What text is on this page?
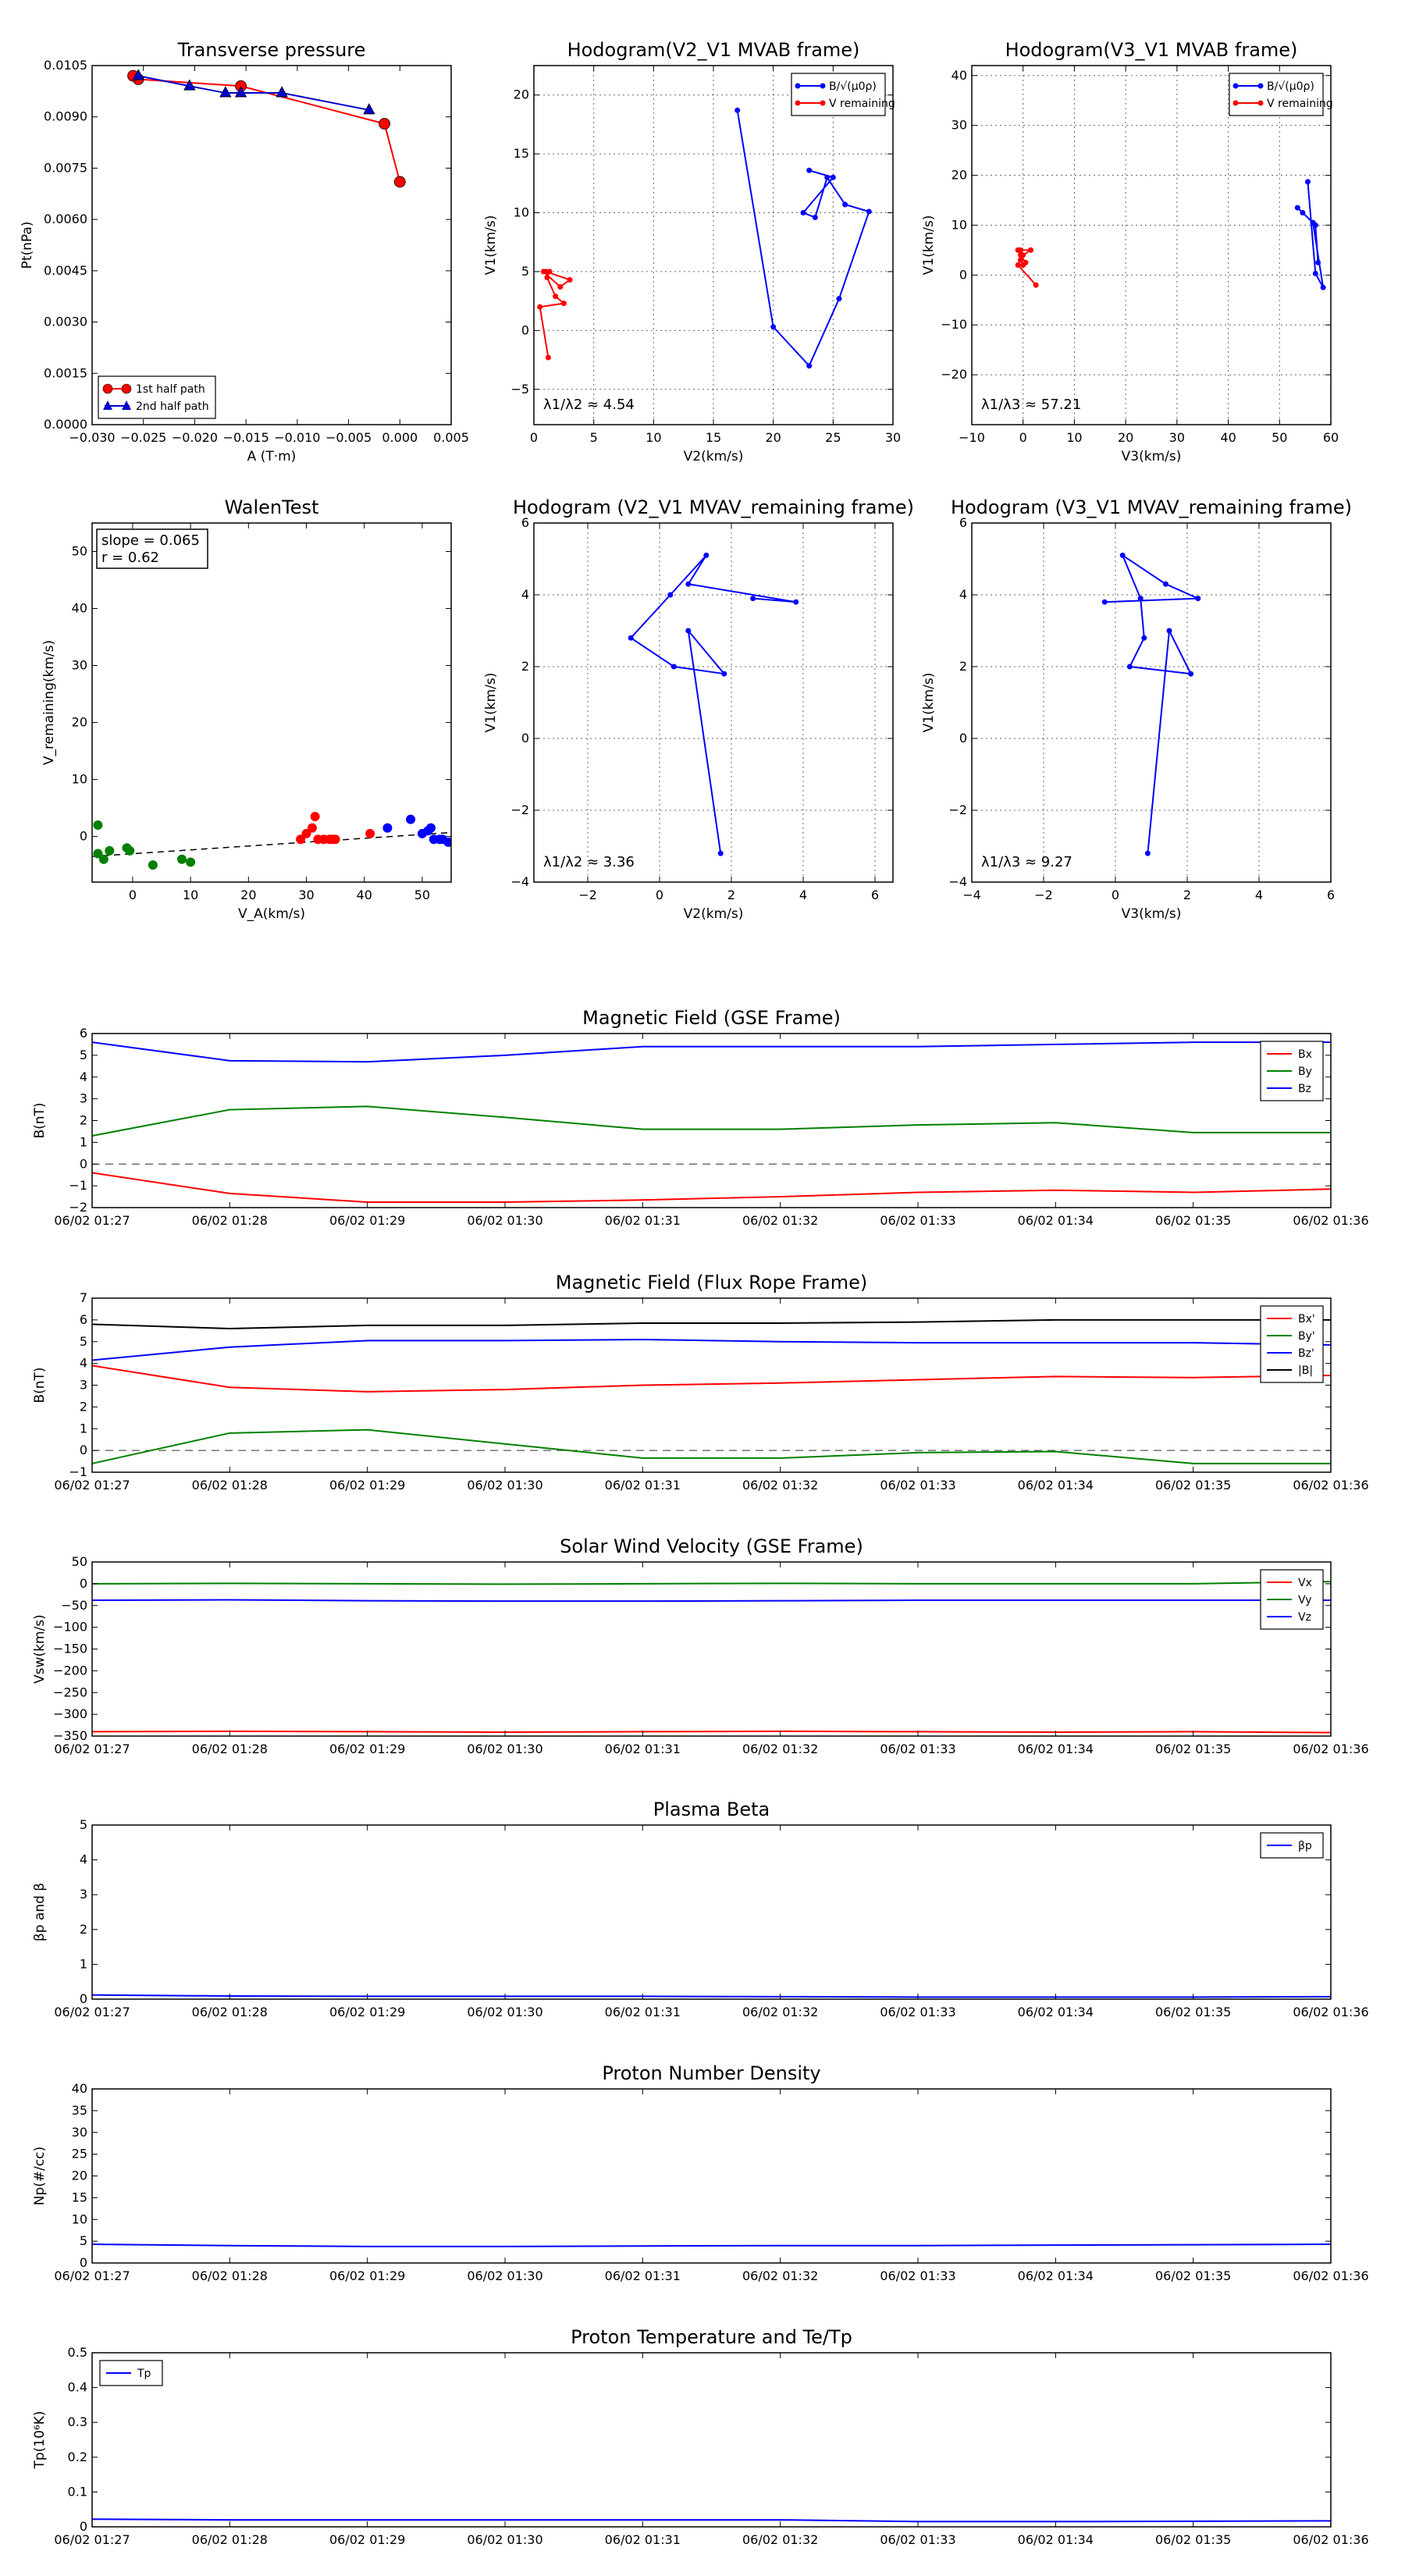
Transverse pressure
−0.030 −0.025 −0.020 −0.015 −0.010 −0.005 0.000 0.005
0.0000
0.0015
0.0030
0.0045
0.0060
0.0075
0.0090
0.0105
A (T·m)
Pt(nPa)
1st half path
2nd half path
Hodogram(V2_V1 MVAB frame)
0	5	10	15	20	25	30
−5
0
5
10
15
20
V2(km/s)
V1(km/s)
λ1/λ2 ≈ 4.54
B/√(μ0ρ)
V remaining
Hodogram(V3_V1 MVAB frame)
−10	0	10	20	30	40	50	60
−20
−10
0
10
20
30
40
V3(km/s)
V1(km/s)
λ1/λ3 ≈ 57.21
B/√(μ0ρ)
V remaining
WalenTest
0	10	20	30	40	50
0
10
20
30
40
50
V_A(km/s)
V_remaining(km/s)
slope = 0.065
r = 0.62
Hodogram (V2_V1 MVAV_remaining frame)
−2	0	2	4	6
−4
−2
0
2
4
6
V2(km/s)
V1(km/s)
λ1/λ2 ≈ 3.36
Hodogram (V3_V1 MVAV_remaining frame)
−4	−2	0	2	4	6
−4
−2
0
2
4
6
V3(km/s)
V1(km/s)
λ1/λ3 ≈ 9.27
Magnetic Field (GSE Frame)
06/02 01:27	06/02 01:28	06/02 01:29	06/02 01:30	06/02 01:31	06/02 01:32	06/02 01:33	06/02 01:34	06/02 01:35	06/02 01:36
−2
−1
0
1
2
3
4
5
6
B(nT)
Bx
By
Bz
Magnetic Field (Flux Rope Frame)
06/02 01:27	06/02 01:28	06/02 01:29	06/02 01:30	06/02 01:31	06/02 01:32	06/02 01:33	06/02 01:34	06/02 01:35	06/02 01:36
−1
0
1
2
3
4
5
6
7
B(nT)
Bx'
By'
Bz'
|B|
Solar Wind Velocity (GSE Frame)
06/02 01:27	06/02 01:28	06/02 01:29	06/02 01:30	06/02 01:31	06/02 01:32	06/02 01:33	06/02 01:34	06/02 01:35	06/02 01:36
−350
−300
−250
−200
−150
−100
−50
0
50
Vsw(km/s)
Vx
Vy
Vz
Plasma Beta
06/02 01:27	06/02 01:28	06/02 01:29	06/02 01:30	06/02 01:31	06/02 01:32	06/02 01:33	06/02 01:34	06/02 01:35	06/02 01:36
0
1
2
3
4
5
βp and β
βp
Proton Number Density
06/02 01:27	06/02 01:28	06/02 01:29	06/02 01:30	06/02 01:31	06/02 01:32	06/02 01:33	06/02 01:34	06/02 01:35	06/02 01:36
0
5
10
15
20
25
30
35
40
Np(#/cc)
Proton Temperature and Te/Tp
06/02 01:27	06/02 01:28	06/02 01:29	06/02 01:30	06/02 01:31	06/02 01:32	06/02 01:33	06/02 01:34	06/02 01:35	06/02 01:36
0
0.1
0.2
0.3
0.4
0.5
Tp(10⁶K)
Tp
